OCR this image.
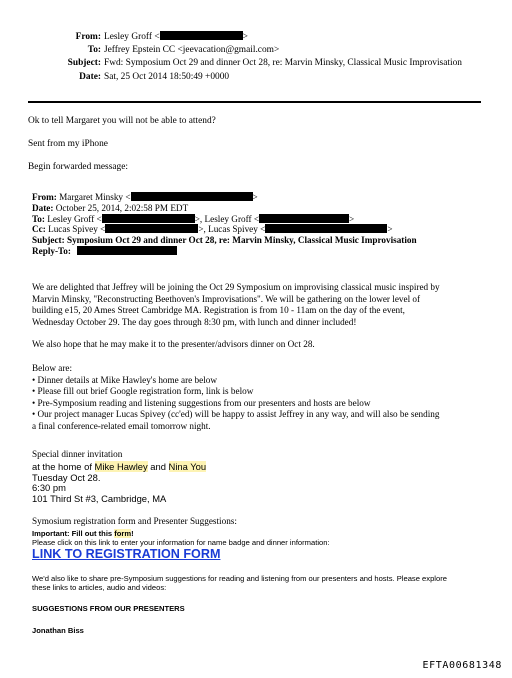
From: Lesley Groff <	>
To: Jeffrey Epstein CC <jeevacation@gmail.com>
Subject: Fwd: Symposium Oct 29 and dinner Oct 28, re: Marvin Minsky, Classical Music Improvisation
Date: Sat, 25 Oct 2014 18:50:49 +0000
Ok to tell Margaret you will not be able to attend?
Sent from my iPhone
Begin forwarded message:
From: Margaret Minsky <	>
Date: October 25, 2014, 2:02:58 PM EDT
To: Lesley Groff <	>, Lesley Groff <	>
Cc: Lucas Spivey <	>, Lucas Spivey <	>
Subject: Symposium Oct 29 and dinner Oct 28, re: Marvin Minsky, Classical Music Improvisation
Reply-To:
We are delighted that Jeffrey will be joining the Oct 29 Symposium on improvising classical music inspired by
Marvin Minsky, "Reconstructing Beethoven's Improvisations". We will be gathering on the lower level of
building e15, 20 Ames Street Cambridge MA. Registration is from 10 - 11am on the day of the event,
Wednesday October 29. The day goes through 8:30 pm, with lunch and dinner included!
We also hope that he may make it to the presenter/advisors dinner on Oct 28.
Below are:
• Dinner details at Mike Hawley's home are below
• Please fill out brief Google registration form, link is below
• Pre-Symposium reading and listening suggestions from our presenters and hosts are below
• Our project manager Lucas Spivey (cc'ed) will be happy to assist Jeffrey in any way, and will also be sending
a final conference-related email tomorrow night.
Special dinner invitation
at the home of Mike Hawley and Nina You
Tuesday Oct 28.
6:30 pm
101 Third St #3, Cambridge, MA
Symosium registration form and Presenter Suggestions:
Important: Fill out this form!
Please click on this link to enter your information for name badge and dinner information:
LINK TO REGISTRATION FORM
We'd also like to share pre-Symposium suggestions for reading and listening from our presenters and hosts. Please explore
these links to articles, audio and videos:
SUGGESTIONS FROM OUR PRESENTERS
Jonathan Biss
EFTA00681348
